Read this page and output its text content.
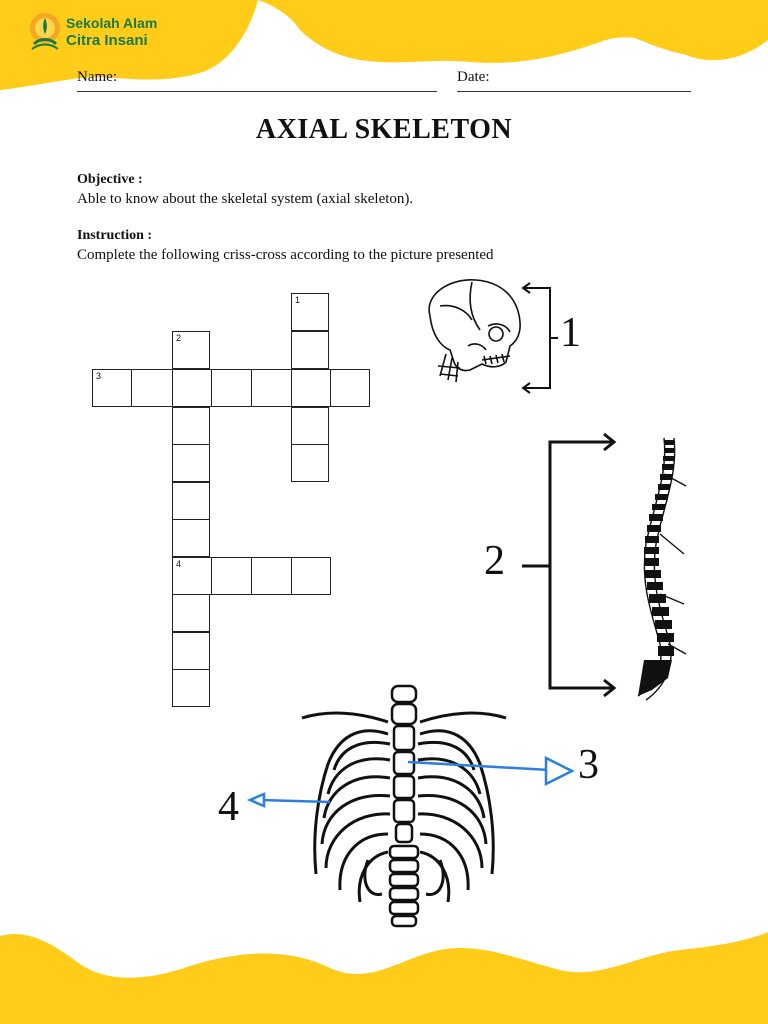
Sekolah Alam
Citra Insani
Name:	Date:
AXIAL SKELETON
Objective :
Able to know about the skeletal system (axial skeleton).
Instruction :
Complete the following criss-cross according to the picture presented
1
2
3
4
1
2
3
4
